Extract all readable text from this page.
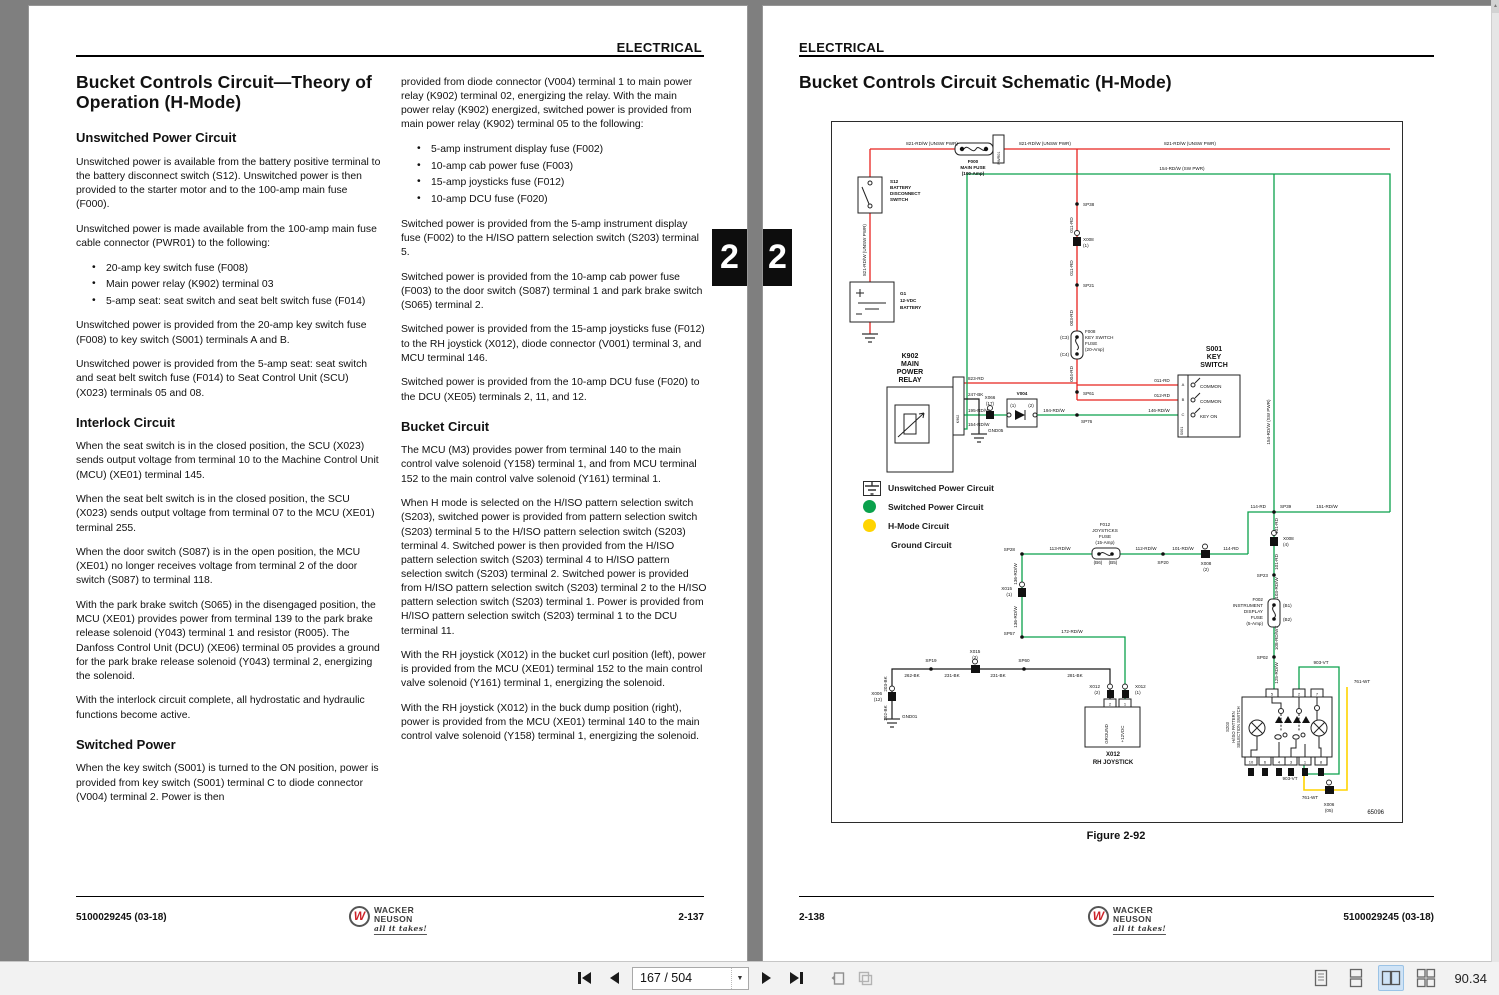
ELECTRICAL
Bucket Controls Circuit—Theory of Operation (H-Mode)
Unswitched Power Circuit

Unswitched power is available from the battery positive terminal to the battery disconnect switch (S12). Unswitched power is then provided to the starter motor and to the 100-amp main fuse (F000).

Unswitched power is made available from the 100-amp main fuse cable connector (PWR01) to the following:

• 20-amp key switch fuse (F008)
• Main power relay (K902) terminal 03
• 5-amp seat: seat switch and seat belt switch fuse (F014)

Unswitched power is provided from the 20-amp key switch fuse (F008) to key switch (S001) terminals A and B.

Unswitched power is provided from the 5-amp seat: seat switch and seat belt switch fuse (F014) to Seat Control Unit (SCU) (X023) terminals 05 and 08.

Interlock Circuit

When the seat switch is in the closed position, the SCU (X023) sends output voltage from terminal 10 to the Machine Control Unit (MCU) (XE01) terminal 145.

When the seat belt switch is in the closed position, the SCU (X023) sends output voltage from terminal 07 to the MCU (XE01) terminal 255.

When the door switch (S087) is in the open position, the MCU (XE01) no longer receives voltage from terminal 2 of the door switch (S087) to terminal 118.

With the park brake switch (S065) in the disengaged position, the MCU (XE01) provides power from terminal 139 to the park brake release solenoid (Y043) terminal 1 and resistor (R005). The Danfoss Control Unit (DCU) (XE06) terminal 05 provides a ground for the park brake release solenoid (Y043) terminal 2, energizing the solenoid.

With the interlock circuit complete, all hydrostatic and hydraulic functions become active.

Switched Power

When the key switch (S001) is turned to the ON position, power is provided from key switch (S001) terminal C to diode connector (V004) terminal 2. Power is then

provided from diode connector (V004) terminal 1 to main power relay (K902) terminal 02, energizing the relay. With the main power relay (K902) energized, switched power is provided from main power relay (K902) terminal 05 to the following:

• 5-amp instrument display fuse (F002)
• 10-amp cab power fuse (F003)
• 15-amp joysticks fuse (F012)
• 10-amp DCU fuse (F020)

Switched power is provided from the 5-amp instrument display fuse (F002) to the H/ISO pattern selection switch (S203) terminal 5.

Switched power is provided from the 10-amp cab power fuse (F003) to the door switch (S087) terminal 1 and park brake switch (S065) terminal 2.

Switched power is provided from the 15-amp joysticks fuse (F012) to the RH joystick (X012), diode connector (V001) terminal 3, and MCU terminal 146.

Switched power is provided from the 10-amp DCU fuse (F020) to the DCU (XE05) terminals 2, 11, and 12.

Bucket Circuit

The MCU (M3) provides power from terminal 140 to the main control valve solenoid (Y158) terminal 1, and from MCU terminal 152 to the main control valve solenoid (Y161) terminal 1.

When H mode is selected on the H/ISO pattern selection switch (S203), switched power is provided from pattern selection switch (S203) terminal 5 to the H/ISO pattern selection switch (S203) terminal 4. Switched power is then provided from the H/ISO pattern selection switch (S203) terminal 4 to H/ISO pattern selection switch (S203) terminal 2. Switched power is provided from H/ISO pattern selection switch (S203) terminal 2 to the H/ISO pattern selection switch (S203) terminal 1. Power is provided from H/ISO pattern selection switch (S203) terminal 1 to the DCU terminal 11.

With the RH joystick (X012) in the bucket curl position (left), power is provided from the MCU (XE01) terminal 152 to the main control valve solenoid (Y161) terminal 1, energizing the solenoid.

With the RH joystick (X012) in the buck dump position (right), power is provided from the MCU (XE01) terminal 140 to the main control valve solenoid (Y158) terminal 1, energizing the solenoid.

2
5100029245 (03-18)	2-137
W	WACKER
NEUSON
all it takes!
ELECTRICAL
Bucket Controls Circuit Schematic (H-Mode)
2
821-RD/W (UNSW PWR)
F000
MAIN FUSE
(100-Amp)
PWR01
821-RD/W (UNSW PWR)	821-RD/W (UNSW PWR)
154-RD/W (SW PWR)
S12
BATTERY
DISCONNECT
SWITCH
821-RD/W (UNSW PWR)
SP38
011-RD
X008
(1)
011-RD
SP21
G1
12-VDC
BATTERY
003-RD
(C3)
(C4)
F008
KEY SWITCH
FUSE
(20-Amp)
K902
MAIN
POWER
RELAY	004-RD
SP61
823-RD
247-BK
195-RD/W
154-RD/W
X066
(17)
V004
(1)	(2)
194-RD/W
SP76
GND05
K902
S001
KEY
SWITCH
011-RD
012-RD
146-RD/W
A
B
C
COMMON
COMMON
KEY ON
S001	154-RD/W (SW PWR)
SP39
114-RD	151-RD/W
SP28	113-RD/W
F012
JOYSTICKS
FUSE
(15-Amp)
(B6) (B5)
112-RD/W
SP20
101-RD/W
X008
(2)
114-RD
101-RD
X008
(4)
101-RD
SP23
103-RD/W
F002
INSTRUMENT
DISPLAY
FUSE
(5-Amp)
(B1)
(B2)
108-RD/WT
SP02
125-RD/W
136-RD/W
X015
(1)
136-RD/W
SP57	172-RD/W
SP19
X015
(2)
SP60
262-BK	231-BK	231-BK	281-BK
203-BK
X006
(12)
202-BK	GND01
X012
(2)
X012
(1)
2	1
GROUND	+12VDC
X012
RH JOYSTICK
S203 H/ISO PATTERN SELECTION SWITCH
5	2	7
10	6	4 3	1	8
903-VT
903-VT
761-WT
761-WT
X006
(05)	65096
Unswitched Power Circuit
Switched Power Circuit
H-Mode Circuit
Ground Circuit
Figure 2-92
2-138	5100029245 (03-18)
W	WACKER
NEUSON
all it takes!
167 / 504	▼	90.34
▲
